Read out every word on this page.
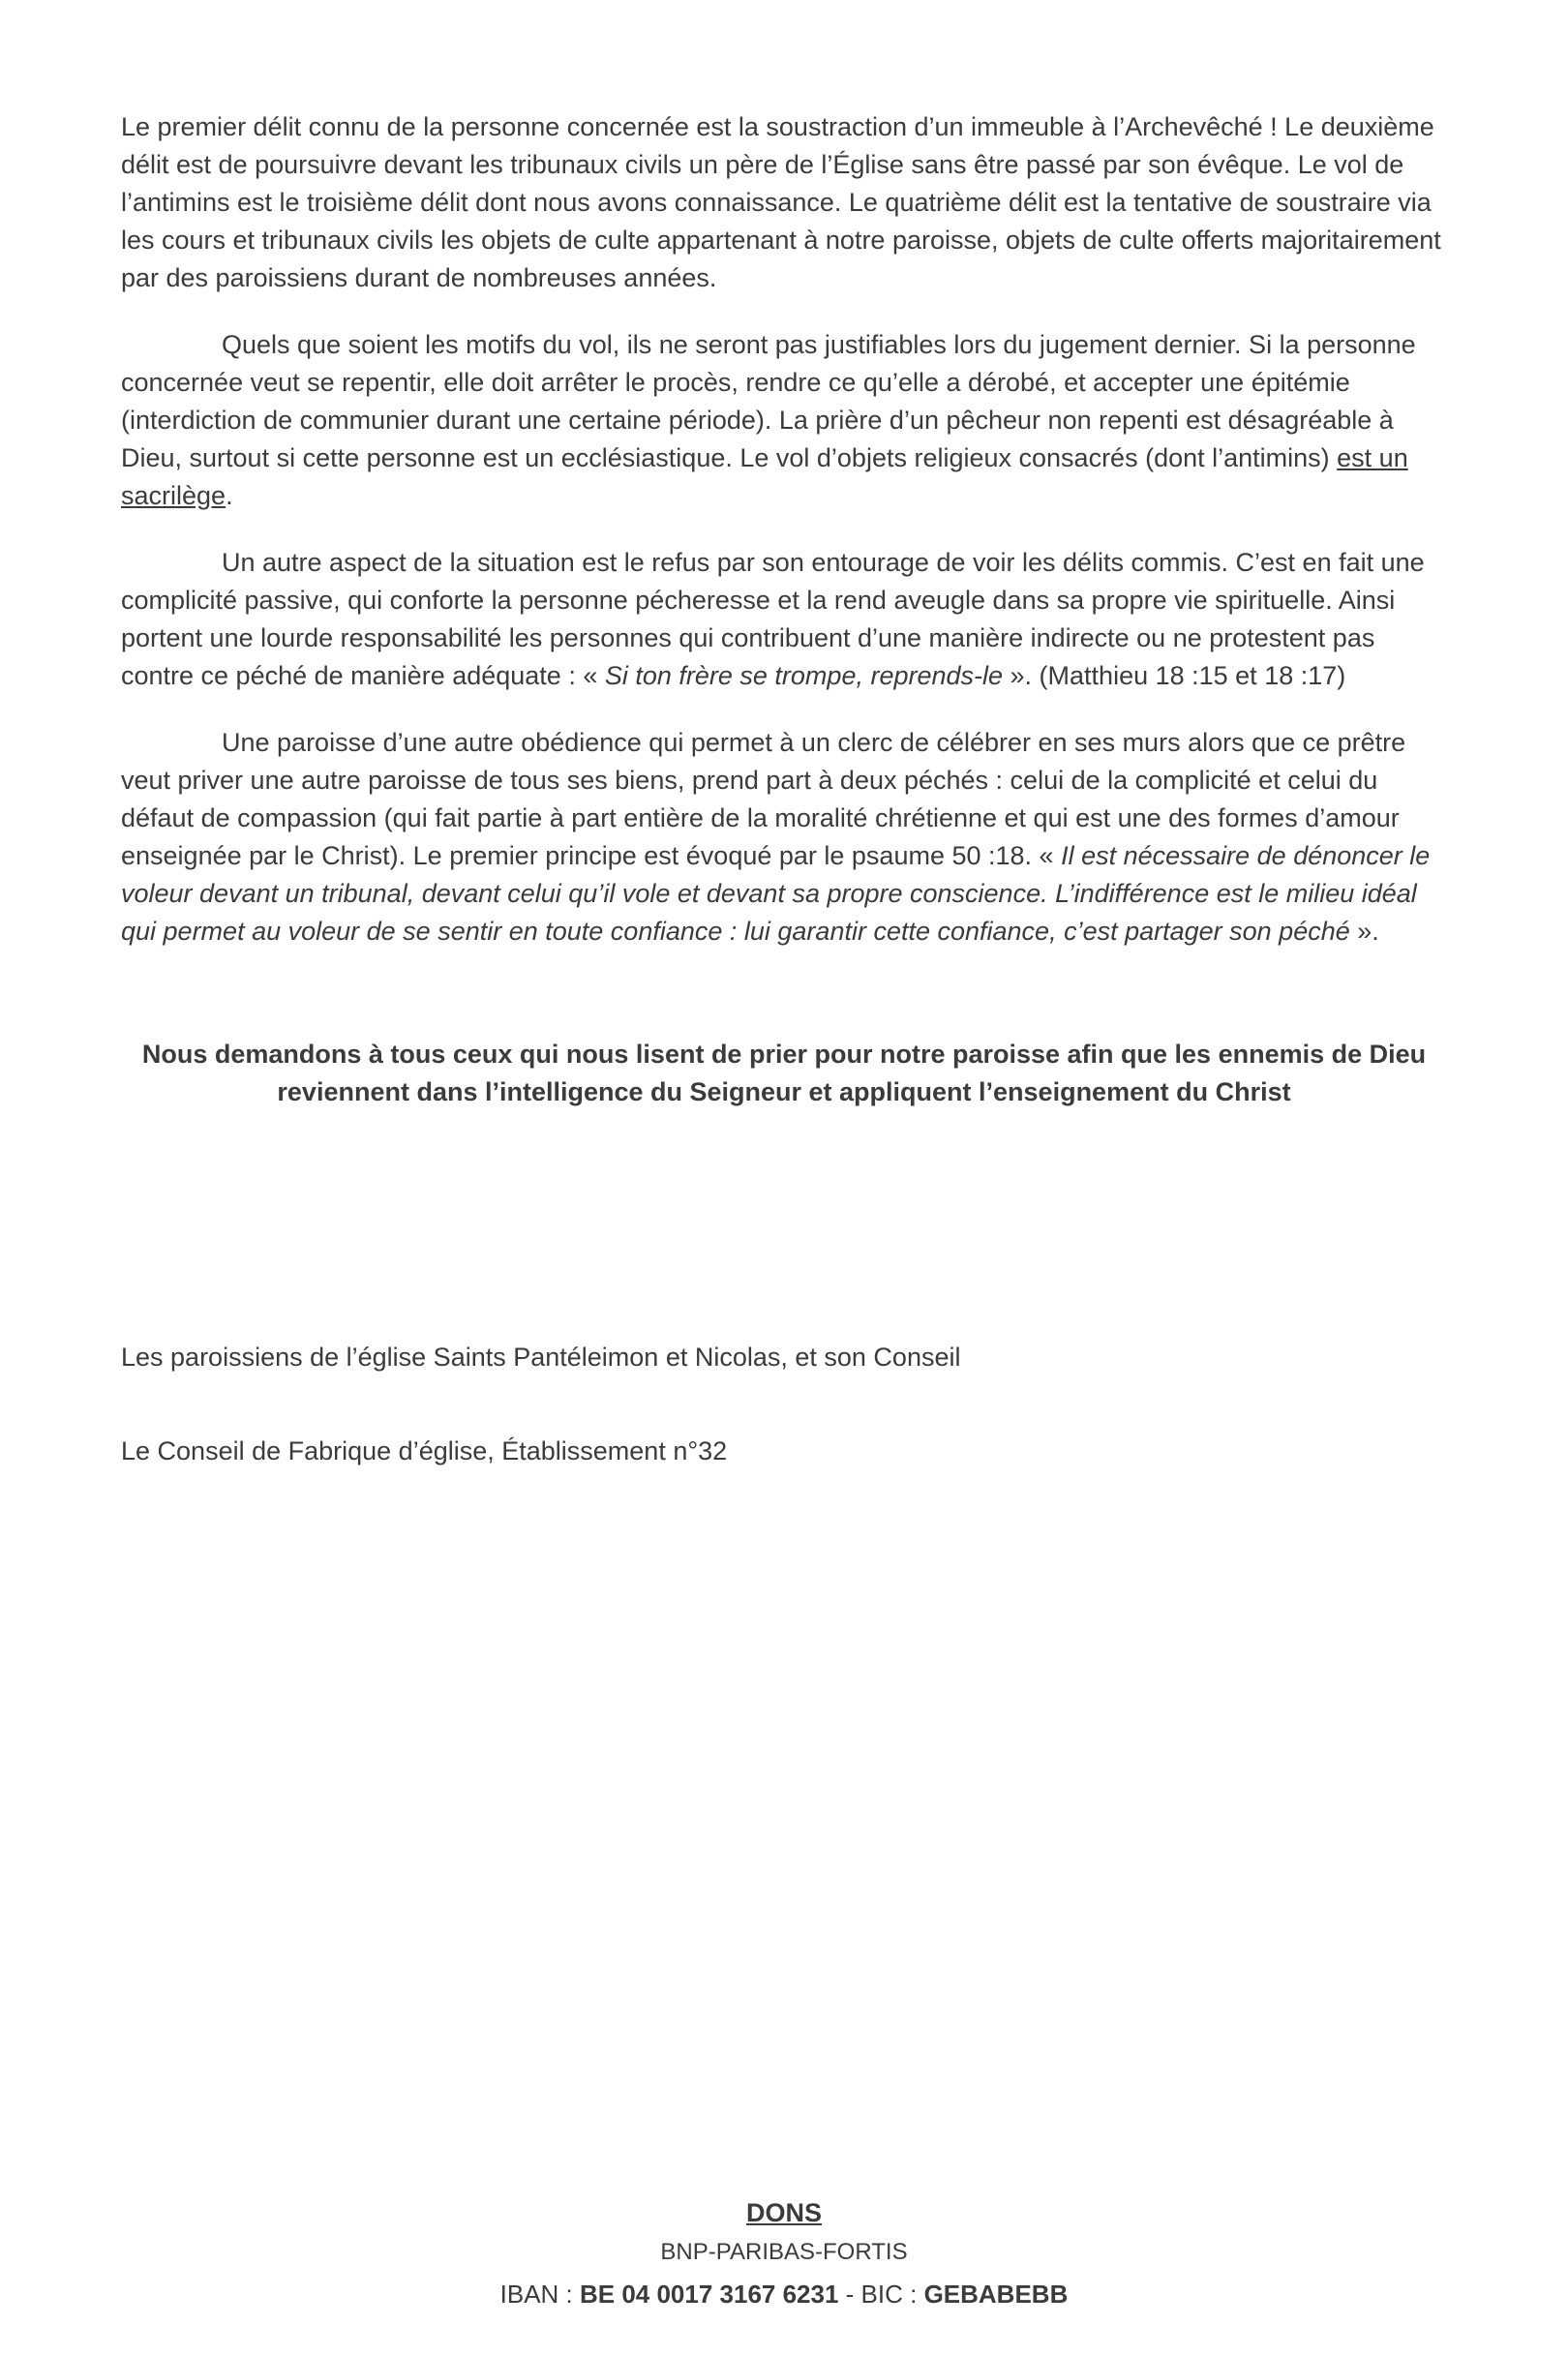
Le premier délit connu de la personne concernée est la soustraction d’un immeuble à l’Archevêché ! Le deuxième délit est de poursuivre devant les tribunaux civils un père de l’Église sans être passé par son évêque. Le vol de l’antimins est le troisième délit dont nous avons connaissance. Le quatrième délit est la tentative de soustraire via les cours et tribunaux civils les objets de culte appartenant à notre paroisse, objets de culte offerts majoritairement par des paroissiens durant de nombreuses années.

Quels que soient les motifs du vol, ils ne seront pas justifiables lors du jugement dernier. Si la personne concernée veut se repentir, elle doit arrêter le procès, rendre ce qu’elle a dérobé, et accepter une épitémie (interdiction de communier durant une certaine période). La prière d’un pêcheur non repenti est désagréable à Dieu, surtout si cette personne est un ecclésiastique. Le vol d’objets religieux consacrés (dont l’antimins) est un sacrilège.

Un autre aspect de la situation est le refus par son entourage de voir les délits commis. C’est en fait une complicité passive, qui conforte la personne pécheresse et la rend aveugle dans sa propre vie spirituelle. Ainsi portent une lourde responsabilité les personnes qui contribuent d’une manière indirecte ou ne protestent pas contre ce péché de manière adéquate : « Si ton frère se trompe, reprends-le ». (Matthieu 18 :15 et 18 :17)

Une paroisse d’une autre obédience qui permet à un clerc de célébrer en ses murs alors que ce prêtre veut priver une autre paroisse de tous ses biens, prend part à deux péchés : celui de la complicité et celui du défaut de compassion (qui fait partie à part entière de la moralité chrétienne et qui est une des formes d’amour enseignée par le Christ). Le premier principe est évoqué par le psaume 50 :18. « Il est nécessaire de dénoncer le voleur devant un tribunal, devant celui qu’il vole et devant sa propre conscience. L’indifférence est le milieu idéal qui permet au voleur de se sentir en toute confiance : lui garantir cette confiance, c’est partager son péché ».

Nous demandons à tous ceux qui nous lisent de prier pour notre paroisse afin que les ennemis de Dieu reviennent dans l’intelligence du Seigneur et appliquent l’enseignement du Christ

Les paroissiens de l’église Saints Pantéleimon et Nicolas, et son Conseil

Le Conseil de Fabrique d’église, Établissement n°32

DONS

BNP-PARIBAS-FORTIS

IBAN : BE 04 0017 3167 6231 - BIC : GEBABEBB
